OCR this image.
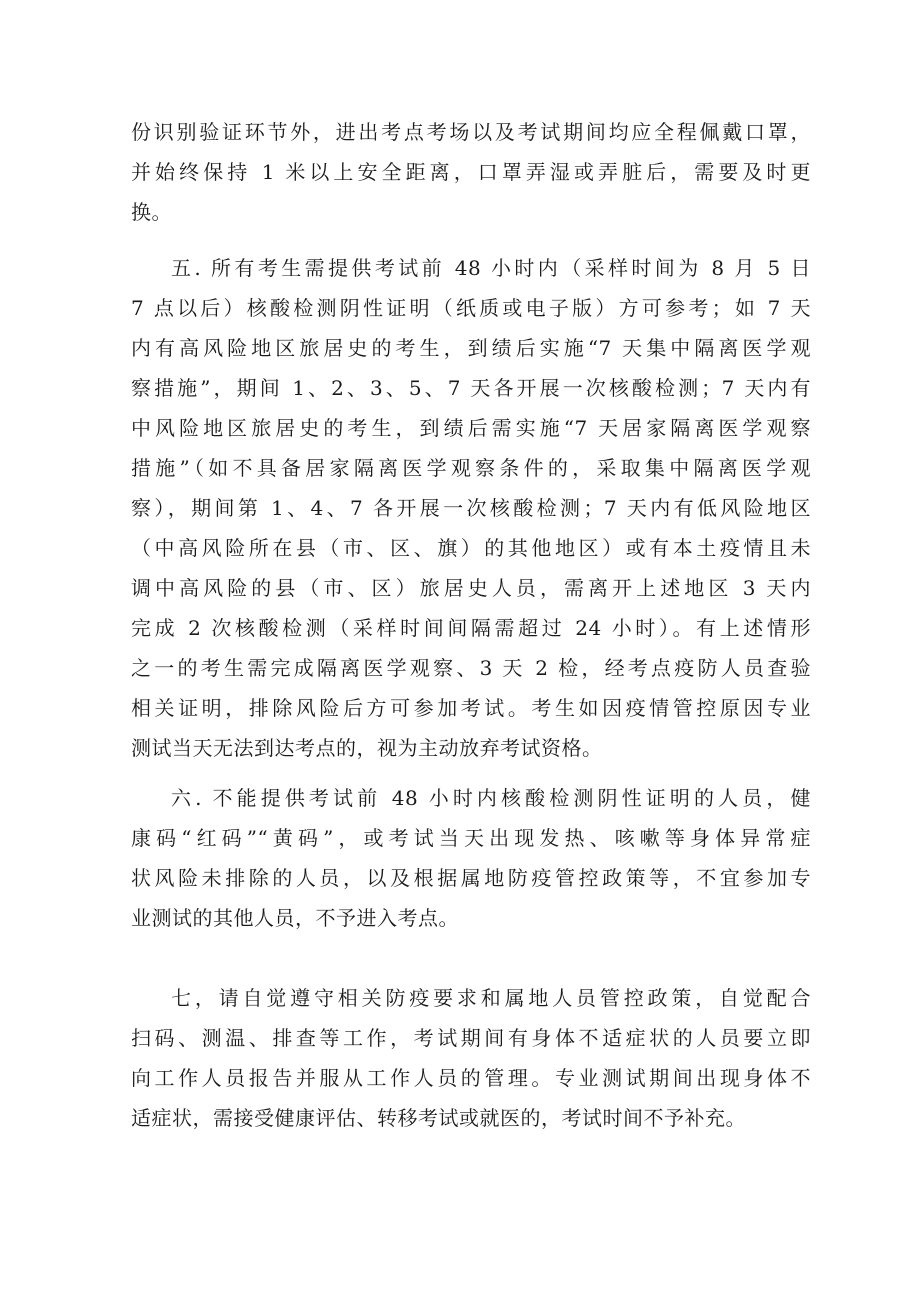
份识别验证环节外，进出考点考场以及考试期间均应全程佩戴口罩，
并始终保持 1 米以上安全距离，口罩弄湿或弄脏后，需要及时更
换。
五. 所有考生需提供考试前 48 小时内（采样时间为 8 月 5 日
7 点以后）核酸检测阴性证明（纸质或电子版）方可参考；如 7 天
内有高风险地区旅居史的考生，到绩后实施“7 天集中隔离医学观
察措施”，期间 1、2、3、5、7 天各开展一次核酸检测；7 天内有
中风险地区旅居史的考生，到绩后需实施“7 天居家隔离医学观察
措施”（如不具备居家隔离医学观察条件的，采取集中隔离医学观
察），期间第 1、4、7 各开展一次核酸检测；7 天内有低风险地区
（中高风险所在县（市、区、旗）的其他地区）或有本土疫情且未
调中高风险的县（市、区）旅居史人员，需离开上述地区 3 天内
完成 2 次核酸检测（采样时间间隔需超过 24 小时）。有上述情形
之一的考生需完成隔离医学观察、3 天 2 检，经考点疫防人员查验
相关证明，排除风险后方可参加考试。考生如因疫情管控原因专业
测试当天无法到达考点的，视为主动放弃考试资格。
六. 不能提供考试前 48 小时内核酸检测阴性证明的人员，健
康码“红码”“黄码”，或考试当天出现发热、咳嗽等身体异常症
状风险未排除的人员，以及根据属地防疫管控政策等，不宜参加专
业测试的其他人员，不予进入考点。
七，请自觉遵守相关防疫要求和属地人员管控政策，自觉配合
扫码、测温、排查等工作，考试期间有身体不适症状的人员要立即
向工作人员报告并服从工作人员的管理。专业测试期间出现身体不
适症状，需接受健康评估、转移考试或就医的，考试时间不予补充。
